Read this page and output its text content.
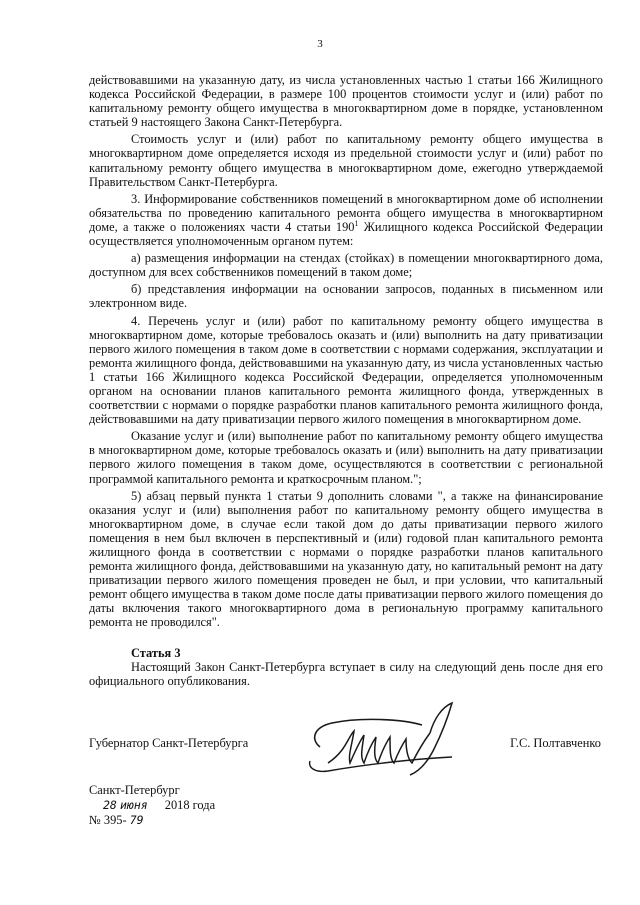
3

действовавшими на указанную дату, из числа установленных частью 1 статьи 166 Жилищного кодекса Российской Федерации, в размере 100 процентов стоимости услуг и (или) работ по капитальному ремонту общего имущества в многоквартирном доме в порядке, установленном статьей 9 настоящего Закона Санкт-Петербурга.

Стоимость услуг и (или) работ по капитальному ремонту общего имущества в многоквартирном доме определяется исходя из предельной стоимости услуг и (или) работ по капитальному ремонту общего имущества в многоквартирном доме, ежегодно утверждаемой Правительством Санкт-Петербурга.

3. Информирование собственников помещений в многоквартирном доме об исполнении обязательства по проведению капитального ремонта общего имущества в многоквартирном доме, а также о положениях части 4 статьи $190^1$ Жилищного кодекса Российской Федерации осуществляется уполномоченным органом путем:

а) размещения информации на стендах (стойках) в помещении многоквартирного дома, доступном для всех собственников помещений в таком доме;

б) представления информации на основании запросов, поданных в письменном или электронном виде.

4. Перечень услуг и (или) работ по капитальному ремонту общего имущества в многоквартирном доме, которые требовалось оказать и (или) выполнить на дату приватизации первого жилого помещения в таком доме в соответствии с нормами содержания, эксплуатации и ремонта жилищного фонда, действовавшими на указанную дату, из числа установленных частью 1 статьи 166 Жилищного кодекса Российской Федерации, определяется уполномоченным органом на основании планов капитального ремонта жилищного фонда, утвержденных в соответствии с нормами о порядке разработки планов капитального ремонта жилищного фонда, действовавшими на дату приватизации первого жилого помещения в многоквартирном доме.

Оказание услуг и (или) выполнение работ по капитальному ремонту общего имущества в многоквартирном доме, которые требовалось оказать и (или) выполнить на дату приватизации первого жилого помещения в таком доме, осуществляются в соответствии с региональной программой капитального ремонта и краткосрочным планом.";

5) абзац первый пункта 1 статьи 9 дополнить словами ", а также на финансирование оказания услуг и (или) выполнения работ по капитальному ремонту общего имущества в многоквартирном доме, в случае если такой дом до даты приватизации первого жилого помещения в нем был включен в перспективный и (или) годовой план капитального ремонта жилищного фонда в соответствии с нормами о порядке разработки планов капитального ремонта жилищного фонда, действовавшими на указанную дату, но капитальный ремонт на дату приватизации первого жилого помещения проведен не был, и при условии, что капитальный ремонт общего имущества в таком доме после даты приватизации первого жилого помещения до даты включения такого многоквартирного дома в региональную программу капитального ремонта не проводился".

Статья 3

Настоящий Закон Санкт-Петербурга вступает в силу на следующий день после дня его официального опубликования.

Губернатор Санкт-Петербурга	Г.С. Полтавченко
Санкт-Петербург
28 июня 2018 года
№ 395- 79
